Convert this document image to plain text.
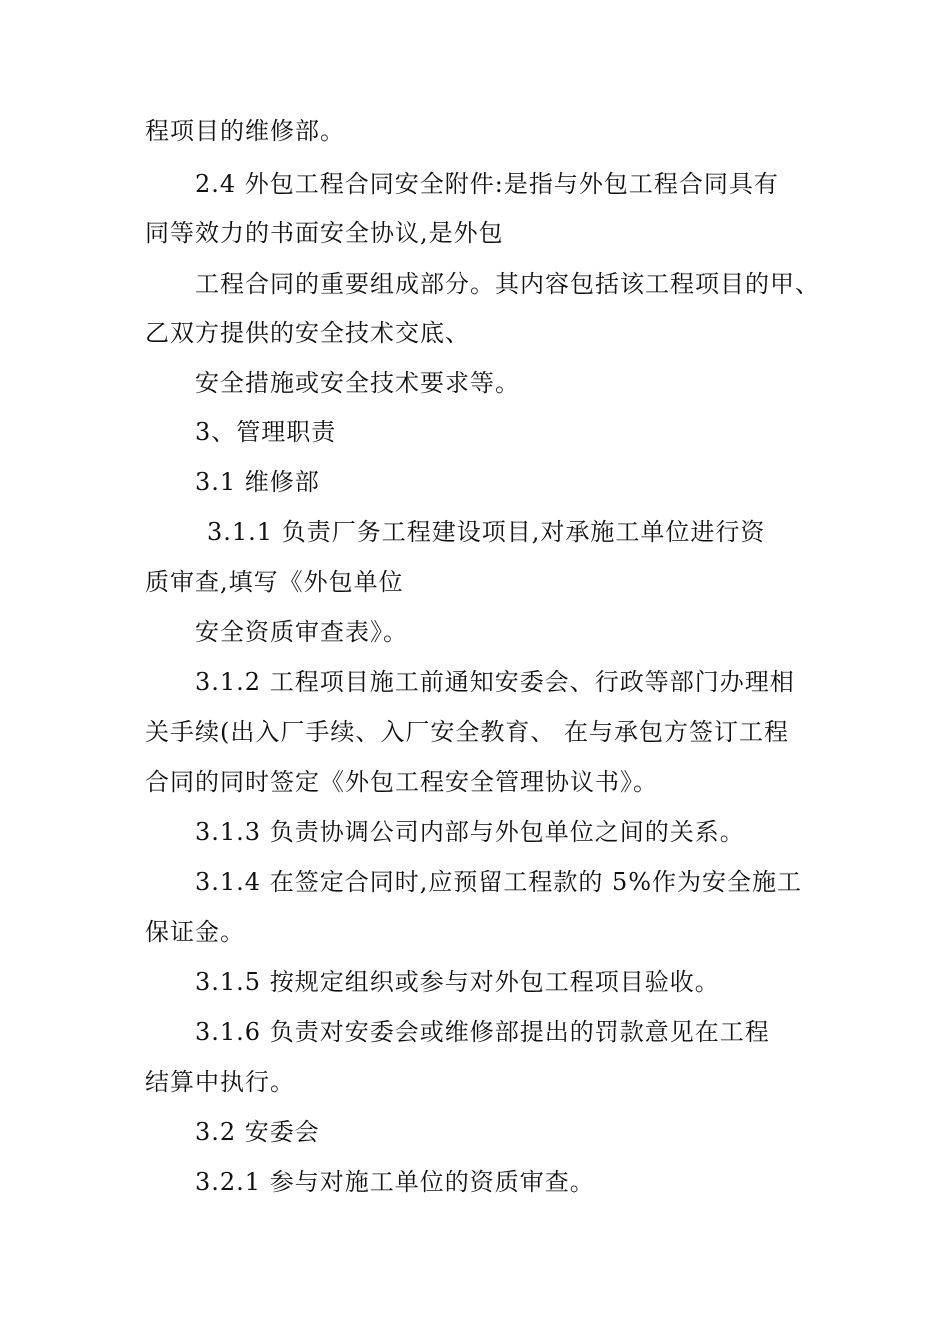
程项目的维修部。
2.4 外包工程合同安全附件:是指与外包工程合同具有
同等效力的书面安全协议,是外包
工程合同的重要组成部分。其内容包括该工程项目的甲、
乙双方提供的安全技术交底、
安全措施或安全技术要求等。
3、管理职责
3.1 维修部
3.1.1 负责厂务工程建设项目,对承施工单位进行资
质审查,填写《外包单位
安全资质审查表》。
3.1.2 工程项目施工前通知安委会、行政等部门办理相
关手续(出入厂手续、入厂安全教育、 在与承包方签订工程
合同的同时签定《外包工程安全管理协议书》。
3.1.3 负责协调公司内部与外包单位之间的关系。
3.1.4 在签定合同时,应预留工程款的 5%作为安全施工
保证金。
3.1.5 按规定组织或参与对外包工程项目验收。
3.1.6 负责对安委会或维修部提出的罚款意见在工程
结算中执行。
3.2 安委会
3.2.1 参与对施工单位的资质审查。
